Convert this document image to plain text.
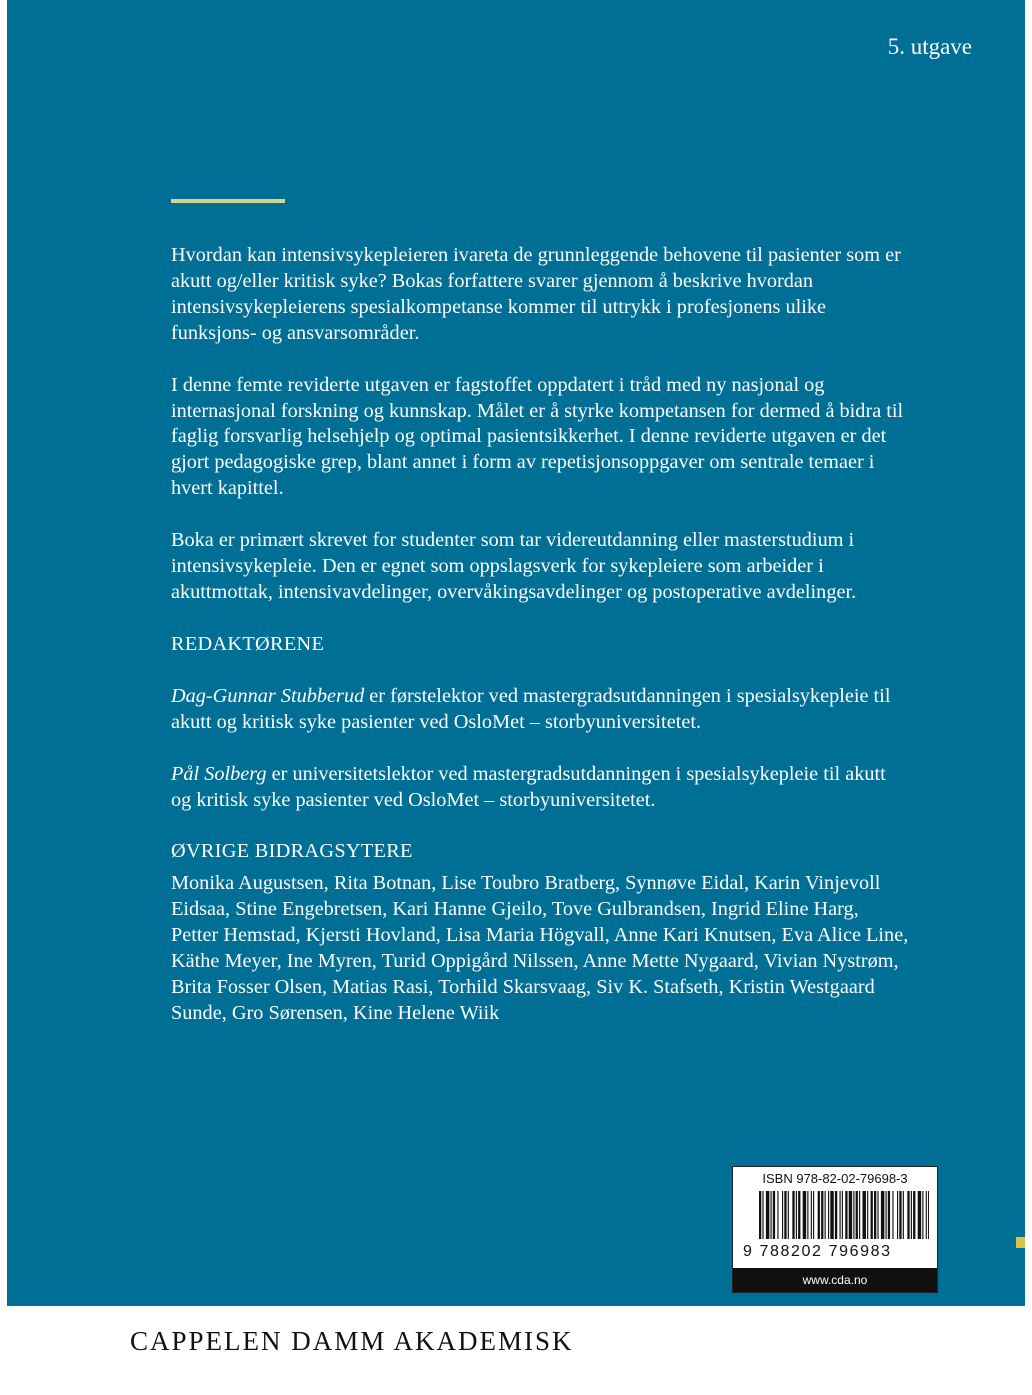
5. utgave

Hvordan kan intensivsykepleieren ivareta de grunnleggende behovene til pasienter som er akutt og/eller kritisk syke? Bokas forfattere svarer gjennom å beskrive hvordan intensivsykepleierens spesialkompetanse kommer til uttrykk i profesjonens ulike funksjons- og ansvarsområder.

I denne femte reviderte utgaven er fagstoffet oppdatert i tråd med ny nasjonal og internasjonal forskning og kunnskap. Målet er å styrke kompetansen for dermed å bidra til faglig forsvarlig helsehjelp og optimal pasientsikkerhet. I denne reviderte utgaven er det gjort pedagogiske grep, blant annet i form av repetisjonsoppgaver om sentrale temaer i hvert kapittel.

Boka er primært skrevet for studenter som tar videreutdanning eller masterstudium i intensivsykepleie. Den er egnet som oppslagsverk for sykepleiere som arbeider i akuttmottak, intensivavdelinger, overvåkingsavdelinger og postoperative avdelinger.

REDAKTØRENE

Dag-Gunnar Stubberud er førstelektor ved mastergradsutdanningen i spesialsykepleie til akutt og kritisk syke pasienter ved OsloMet – storbyuniversitetet.

Pål Solberg er universitetslektor ved mastergradsutdanningen i spesialsykepleie til akutt og kritisk syke pasienter ved OsloMet – storbyuniversitetet.

ØVRIGE BIDRAGSYTERE

Monika Augustsen, Rita Botnan, Lise Toubro Bratberg, Synnøve Eidal, Karin Vinjevoll Eidsaa, Stine Engebretsen, Kari Hanne Gjeilo, Tove Gulbrandsen, Ingrid Eline Harg, Petter Hemstad, Kjersti Hovland, Lisa Maria Högvall, Anne Kari Knutsen, Eva Alice Line, Käthe Meyer, Ine Myren, Turid Oppigård Nilssen, Anne Mette Nygaard, Vivian Nystrøm, Brita Fosser Olsen, Matias Rasi, Torhild Skarsvaag, Siv K. Stafseth, Kristin Westgaard Sunde, Gro Sørensen, Kine Helene Wiik

ISBN 978-82-02-79698-3
9 788202 796983
www.cda.no
CAPPELEN DAMM AKADEMISK
